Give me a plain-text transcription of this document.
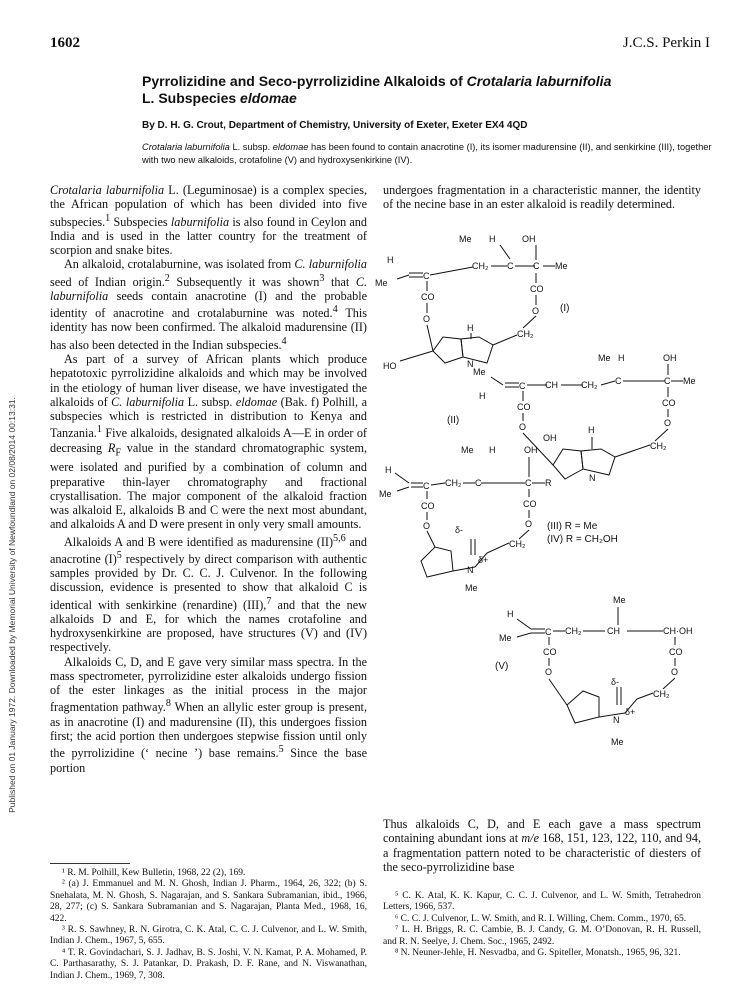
Published on 01 January 1972. Downloaded by Memorial University of Newfoundland on 02/08/2014 00:13:31.
1602	J.C.S. Perkin I
Pyrrolizidine and Seco-pyrrolizidine Alkaloids of Crotalaria laburnifolia
L. Subspecies eldomae
By D. H. G. Crout, Department of Chemistry, University of Exeter, Exeter EX4 4QD
Crotalaria laburnifolia L. subsp. eldomae has been found to contain anacrotine (I), its isomer madurensine (II), and senkirkine (III), together with two new alkaloids, crotafoline (V) and hydroxysenkirkine (IV).

Crotalaria laburnifolia L. (Leguminosae) is a complex species, the African population of which has been divided into five subspecies.$^1$ Subspecies laburnifolia is also found in Ceylon and India and is used in the latter country for the treatment of scorpion and snake bites.

An alkaloid, crotalaburnine, was isolated from C. laburnifolia seed of Indian origin.$^2$ Subsequently it was shown$^3$ that C. laburnifolia seeds contain anacrotine (I) and the probable identity of anacrotine and crotalaburnine was noted.$^4$ This identity has now been confirmed. The alkaloid madurensine (II) has also been detected in the Indian subspecies.$^4$

As part of a survey of African plants which produce hepatotoxic pyrrolizidine alkaloids and which may be involved in the etiology of human liver disease, we have investigated the alkaloids of C. laburnifolia L. subsp. eldomae (Bak. f) Polhill, a subspecies which is restricted in distribution to Kenya and Tanzania.$^1$ Five alkaloids, designated alkaloids A—E in order of decreasing $R_F$ value in the standard chromatographic system, were isolated and purified by a combination of column and preparative thin-layer chromatography and fractional crystallisation. The major component of the alkaloid fraction was alkaloid E, alkaloids B and C were the next most abundant, and alkaloids A and D were present in only very small amounts.

Alkaloids A and B were identified as madurensine (II)$^{5,6}$ and anacrotine $(I)^5$ respectively by direct comparison with authentic samples provided by Dr. C. C. J. Culvenor. In the following discussion, evidence is presented to show that alkaloid C is identical with senkirkine (renardine) (III),$^7$ and that the new alkaloids D and E, for which the names crotafoline and hydroxysenkirkine are proposed, have structures (V) and (IV) respectively.

Alkaloids C, D, and E gave very similar mass spectra. In the mass spectrometer, pyrrolizidine ester alkaloids undergo fission of the ester linkages as the initial process in the major fragmentation pathway.$^8$ When an allylic ester group is present, as in anacrotine (I) and madurensine (II), this undergoes fission first; the acid portion then undergoes stepwise fission until only the pyrrolizidine (‘ necine ’) base remains.$^5$ Since the base portion

undergoes fragmentation in a characteristic manner, the identity of the necine base in an ester alkaloid is readily determined.

Me H	OH
H
Me
C
CH₂ C C Me
CO
CO
O
O
CH₂
H
(I)
HO	N
Me H	OH
Me
H
C CH	CH₂ C	C Me
CO
O
CO
O
CH₂
(II)
OH
H
N
Me H	OH
H
Me
C CH₂ C	C R
CO
O
CO
O
CH₂
δ-	(III) R = Me
(IV) R = CH₂OH
N
δ+
Me
Me
H
Me
C CH₂	CH	CH·OH
CO
O
CO
O
CH₂
(V)
δ-
N
δ+
Me

Thus alkaloids C, D, and E each gave a mass spectrum containing abundant ions at m/e 168, 151, 123, 122, 110, and 94, a fragmentation pattern noted to be characteristic of diesters of the seco-pyrrolizidine base

¹ R. M. Polhill, Kew Bulletin, 1968, 22 (2), 169.

² (a) J. Emmanuel and M. N. Ghosh, Indian J. Pharm., 1964, 26, 322; (b) S. Snehalata, M. N. Ghosh, S. Nagarajan, and S. Sankara Subramanian, ibid., 1966, 28, 277; (c) S. Sankara Subramanian and S. Nagarajan, Planta Med., 1968, 16, 422.

³ R. S. Sawhney, R. N. Girotra, C. K. Atal, C. C. J. Culvenor, and L. W. Smith, Indian J. Chem., 1967, 5, 655.

⁴ T. R. Govindachari, S. J. Jadhav, B. S. Joshi, V. N. Kamat, P. A. Mohamed, P. C. Parthasarathy, S. J. Patankar, D. Prakash, D. F. Rane, and N. Viswanathan, Indian J. Chem., 1969, 7, 308.

⁵ C. K. Atal, K. K. Kapur, C. C. J. Culvenor, and L. W. Smith, Tetrahedron Letters, 1966, 537.

⁶ C. C. J. Culvenor, L. W. Smith, and R. I. Willing, Chem. Comm., 1970, 65.

⁷ L. H. Briggs, R. C. Cambie, B. J. Candy, G. M. O’Donovan, R. H. Russell, and R. N. Seelye, J. Chem. Soc., 1965, 2492.

⁸ N. Neuner-Jehle, H. Nesvadba, and G. Spiteller, Monatsh., 1965, 96, 321.
